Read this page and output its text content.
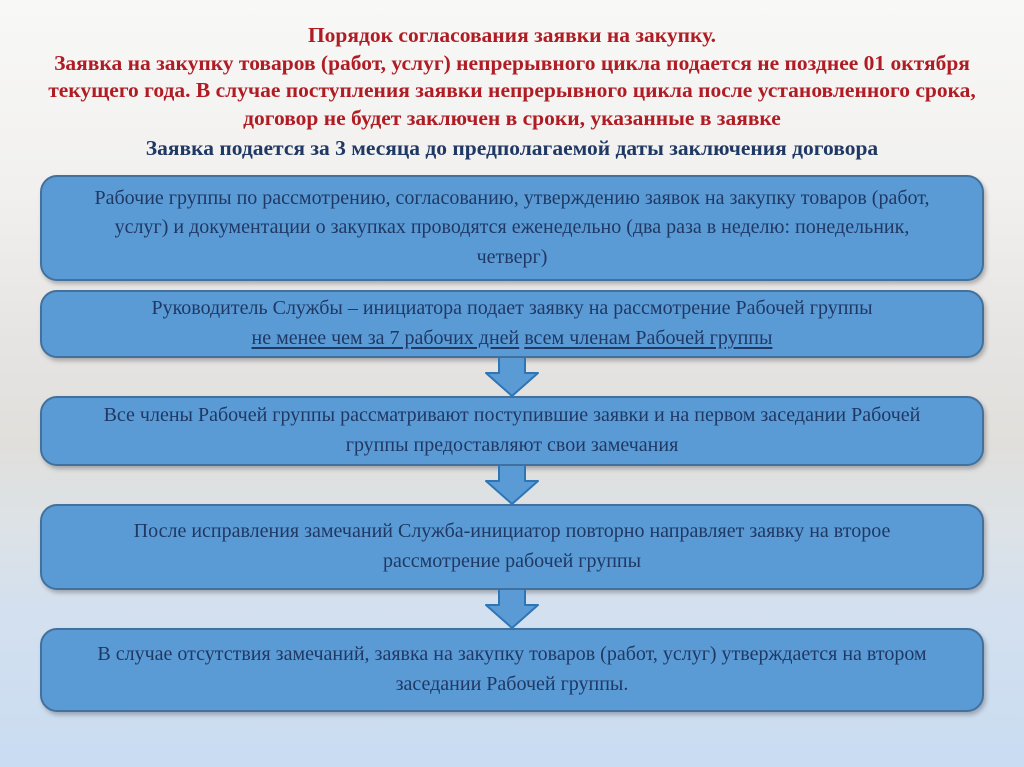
Порядок согласования заявки на закупку.
Заявка на закупку товаров (работ, услуг) непрерывного цикла подается не позднее 01 октября текущего года. В случае поступления заявки непрерывного цикла после установленного срока, договор не будет заключен в сроки, указанные в заявке
Заявка подается за 3 месяца до предполагаемой даты заключения договора
Рабочие группы по рассмотрению, согласованию, утверждению заявок на закупку товаров (работ, услуг) и документации о закупках проводятся еженедельно (два раза в неделю: понедельник, четверг)
Руководитель Службы – инициатора подает заявку на рассмотрение Рабочей группы не менее чем за 7 рабочих дней всем членам Рабочей группы
Все члены Рабочей группы рассматривают поступившие заявки и на первом заседании Рабочей группы предоставляют свои замечания
После исправления замечаний Служба-инициатор повторно направляет заявку на второе рассмотрение рабочей группы
В случае отсутствия замечаний, заявка на закупку товаров (работ, услуг) утверждается на втором заседании Рабочей группы.
